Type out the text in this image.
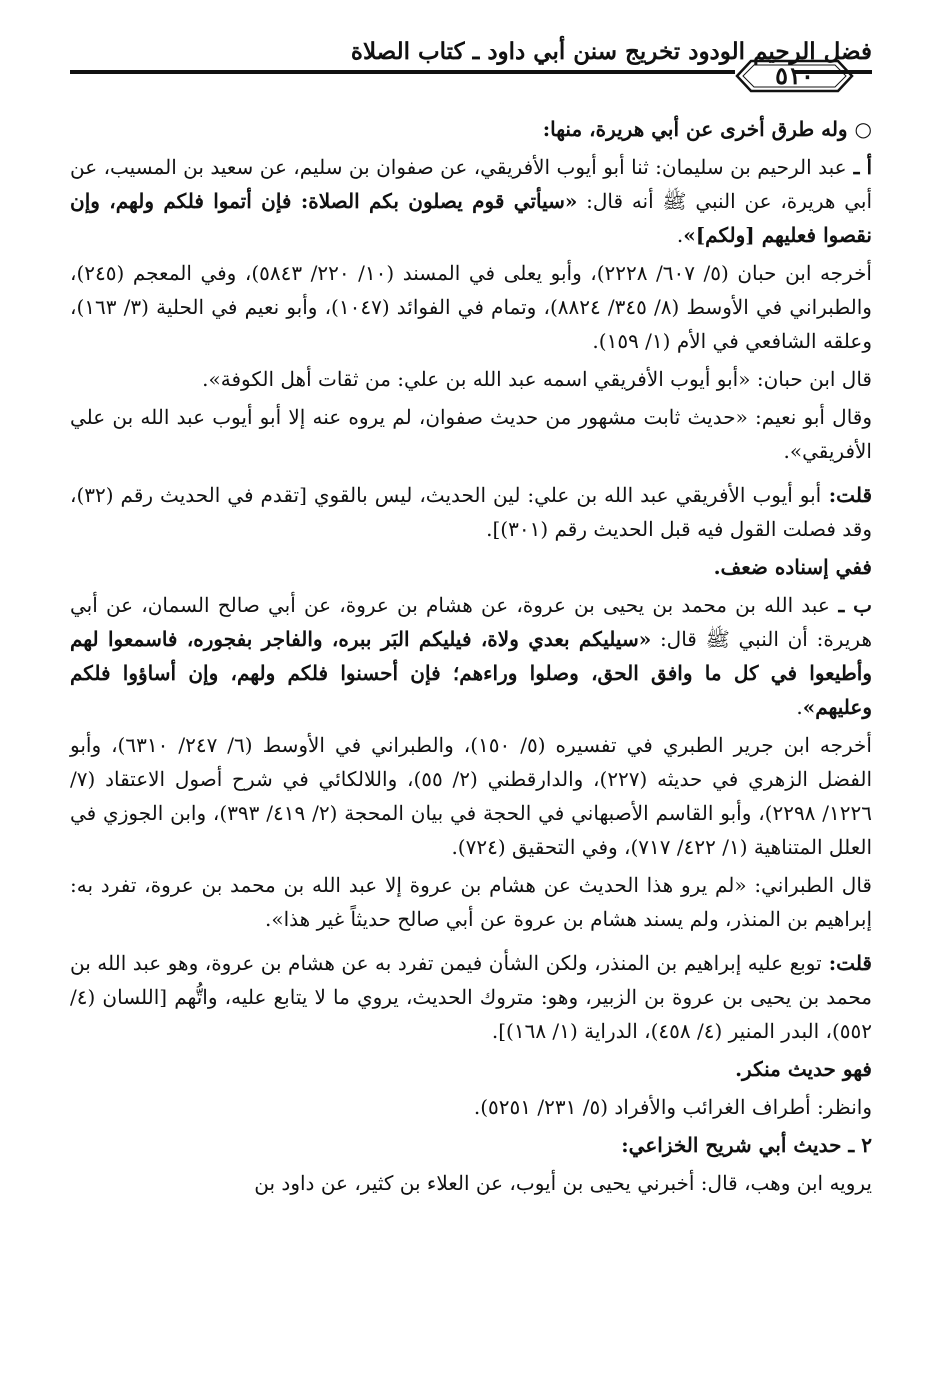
فضل الرحيم الودود تخريج سنن أبي داود ـ كتاب الصلاة
٥١٠

○ وله طرق أخرى عن أبي هريرة، منها:

أ ـ عبد الرحيم بن سليمان: ثنا أبو أيوب الأفريقي، عن صفوان بن سليم، عن سعيد بن المسيب، عن أبي هريرة، عن النبي ﷺ أنه قال: «سيأتي قوم يصلون بكم الصلاة: فإن أتموا فلكم ولهم، وإن نقصوا فعليهم [ولكم]».

أخرجه ابن حبان (٥/ ٦٠٧/ ٢٢٢٨)، وأبو يعلى في المسند (١٠/ ٢٢٠/ ٥٨٤٣)، وفي المعجم (٢٤٥)، والطبراني في الأوسط (٨/ ٣٤٥/ ٨٨٢٤)، وتمام في الفوائد (١٠٤٧)، وأبو نعيم في الحلية (٣/ ١٦٣)، وعلقه الشافعي في الأم (١/ ١٥٩).

قال ابن حبان: «أبو أيوب الأفريقي اسمه عبد الله بن علي: من ثقات أهل الكوفة».

وقال أبو نعيم: «حديث ثابت مشهور من حديث صفوان، لم يروه عنه إلا أبو أيوب عبد الله بن علي الأفريقي».

قلت: أبو أيوب الأفريقي عبد الله بن علي: لين الحديث، ليس بالقوي [تقدم في الحديث رقم (٣٢)، وقد فصلت القول فيه قبل الحديث رقم (٣٠١)].

ففي إسناده ضعف.

ب ـ عبد الله بن محمد بن يحيى بن عروة، عن هشام بن عروة، عن أبي صالح السمان، عن أبي هريرة: أن النبي ﷺ قال: «سيليكم بعدي ولاة، فيليكم البَر ببره، والفاجر بفجوره، فاسمعوا لهم وأطيعوا في كل ما وافق الحق، وصلوا وراءهم؛ فإن أحسنوا فلكم ولهم، وإن أساؤوا فلكم وعليهم».

أخرجه ابن جرير الطبري في تفسيره (٥/ ١٥٠)، والطبراني في الأوسط (٦/ ٢٤٧/ ٦٣١٠)، وأبو الفضل الزهري في حديثه (٢٢٧)، والدارقطني (٢/ ٥٥)، واللالكائي في شرح أصول الاعتقاد (٧/ ١٢٢٦/ ٢٢٩٨)، وأبو القاسم الأصبهاني في الحجة في بيان المحجة (٢/ ٤١٩/ ٣٩٣)، وابن الجوزي في العلل المتناهية (١/ ٤٢٢/ ٧١٧)، وفي التحقيق (٧٢٤).

قال الطبراني: «لم يرو هذا الحديث عن هشام بن عروة إلا عبد الله بن محمد بن عروة، تفرد به: إبراهيم بن المنذر، ولم يسند هشام بن عروة عن أبي صالح حديثاً غير هذا».

قلت: توبع عليه إبراهيم بن المنذر، ولكن الشأن فيمن تفرد به عن هشام بن عروة، وهو عبد الله بن محمد بن يحيى بن عروة بن الزبير، وهو: متروك الحديث، يروي ما لا يتابع عليه، واتُّهم [اللسان (٤/ ٥٥٢)، البدر المنير (٤/ ٤٥٨)، الدراية (١/ ١٦٨)].

فهو حديث منكر.

وانظر: أطراف الغرائب والأفراد (٥/ ٢٣١/ ٥٢٥١).

٢ ـ حديث أبي شريح الخزاعي:

يرويه ابن وهب، قال: أخبرني يحيى بن أيوب، عن العلاء بن كثير، عن داود بن
